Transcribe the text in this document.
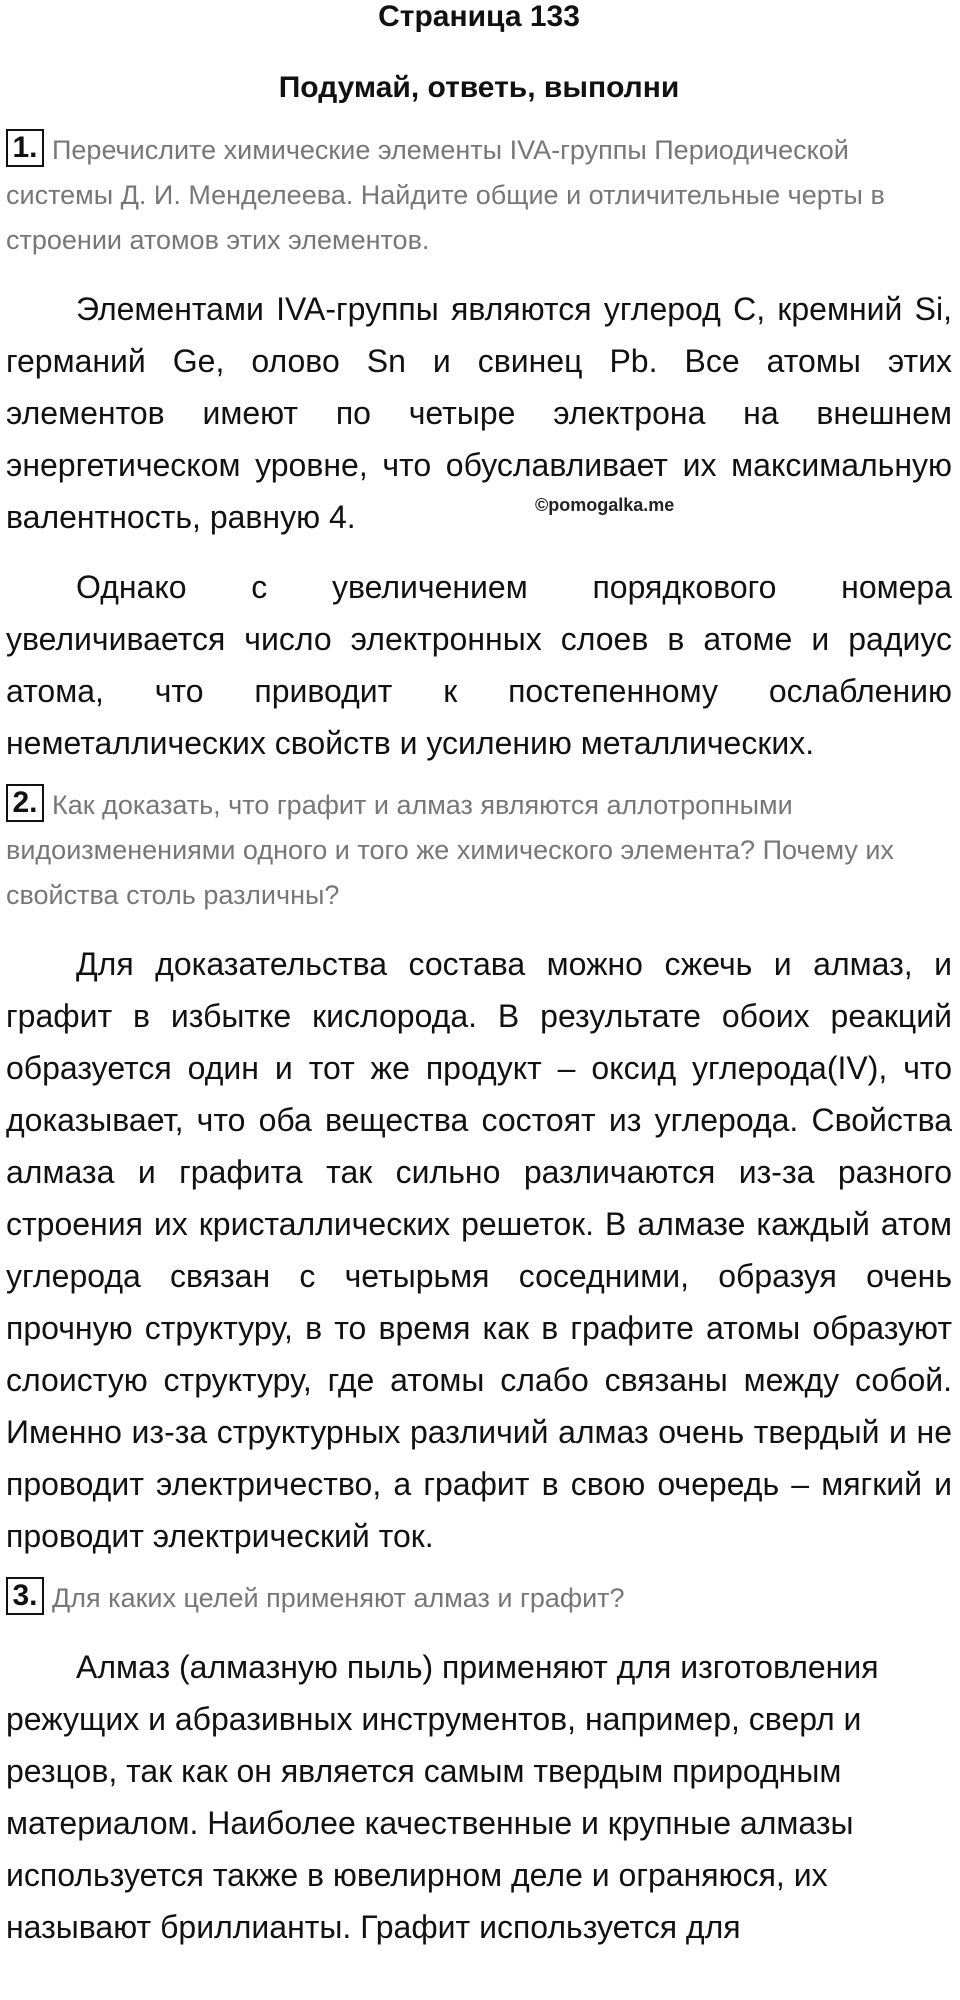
Страница 133
Подумай, ответь, выполни

1. Перечислите химические элементы IVA-группы Периодической системы Д. И. Менделеева. Найдите общие и отличительные черты в строении атомов этих элементов.

Элементами IVA-группы являются углерод C, кремний Si, германий Ge, олово Sn и свинец Pb. Все атомы этих элементов имеют по четыре электрона на внешнем энергетическом уровне, что обуславливает их максимальную валентность, равную 4.

Однако с увеличением порядкового номера увеличивается число электронных слоев в атоме и радиус атома, что приводит к постепенному ослаблению неметаллических свойств и усилению металлических.

2. Как доказать, что графит и алмаз являются аллотропными видоизменениями одного и того же химического элемента? Почему их свойства столь различны?

Для доказательства состава можно сжечь и алмаз, и графит в избытке кислорода. В результате обоих реакций образуется один и тот же продукт – оксид углерода(IV), что доказывает, что оба вещества состоят из углерода. Свойства алмаза и графита так сильно различаются из-за разного строения их кристаллических решеток. В алмазе каждый атом углерода связан с четырьмя соседними, образуя очень прочную структуру, в то время как в графите атомы образуют слоистую структуру, где атомы слабо связаны между собой. Именно из-за структурных различий алмаз очень твердый и не проводит электричество, а графит в свою очередь – мягкий и проводит электрический ток.

3. Для каких целей применяют алмаз и графит?

Алмаз (алмазную пыль) применяют для изготовления режущих и абразивных инструментов, например, сверл и резцов, так как он является самым твердым природным материалом. Наиболее качественные и крупные алмазы используется также в ювелирном деле и ограняюся, их называют бриллианты. Графит используется для

©pomogalka.me
